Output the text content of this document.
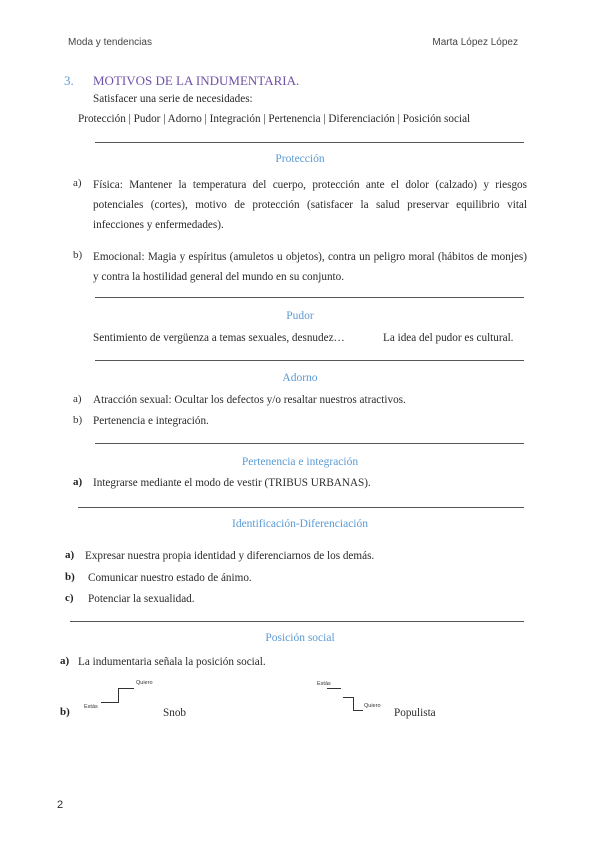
Moda y tendencias	Marta López López
3. MOTIVOS DE LA INDUMENTARIA.
Satisfacer una serie de necesidades:
Protección | Pudor | Adorno | Integración | Pertenencia | Diferenciación | Posición social
Protección
a) Física: Mantener la temperatura del cuerpo, protección ante el dolor (calzado) y riesgos potenciales (cortes), motivo de protección (satisfacer la salud preservar equilibrio vital infecciones y enfermedades).
b) Emocional: Magia y espíritus (amuletos u objetos), contra un peligro moral (hábitos de monjes) y contra la hostilidad general del mundo en su conjunto.
Pudor
Sentimiento de vergüenza a temas sexuales, desnudez…	La idea del pudor es cultural.
Adorno
a) Atracción sexual: Ocultar los defectos y/o resaltar nuestros atractivos.
b) Pertenencia e integración.
Pertenencia e integración
a) Integrarse mediante el modo de vestir (TRIBUS URBANAS).
Identificación-Diferenciación
a) Expresar nuestra propia identidad y diferenciarnos de los demás.
b) Comunicar nuestro estado de ánimo.
c) Potenciar la sexualidad.
Posición social
a) La indumentaria señala la posición social.
b)	Estás
Quiero
Snob
Estás
Quiero
Populista
2
